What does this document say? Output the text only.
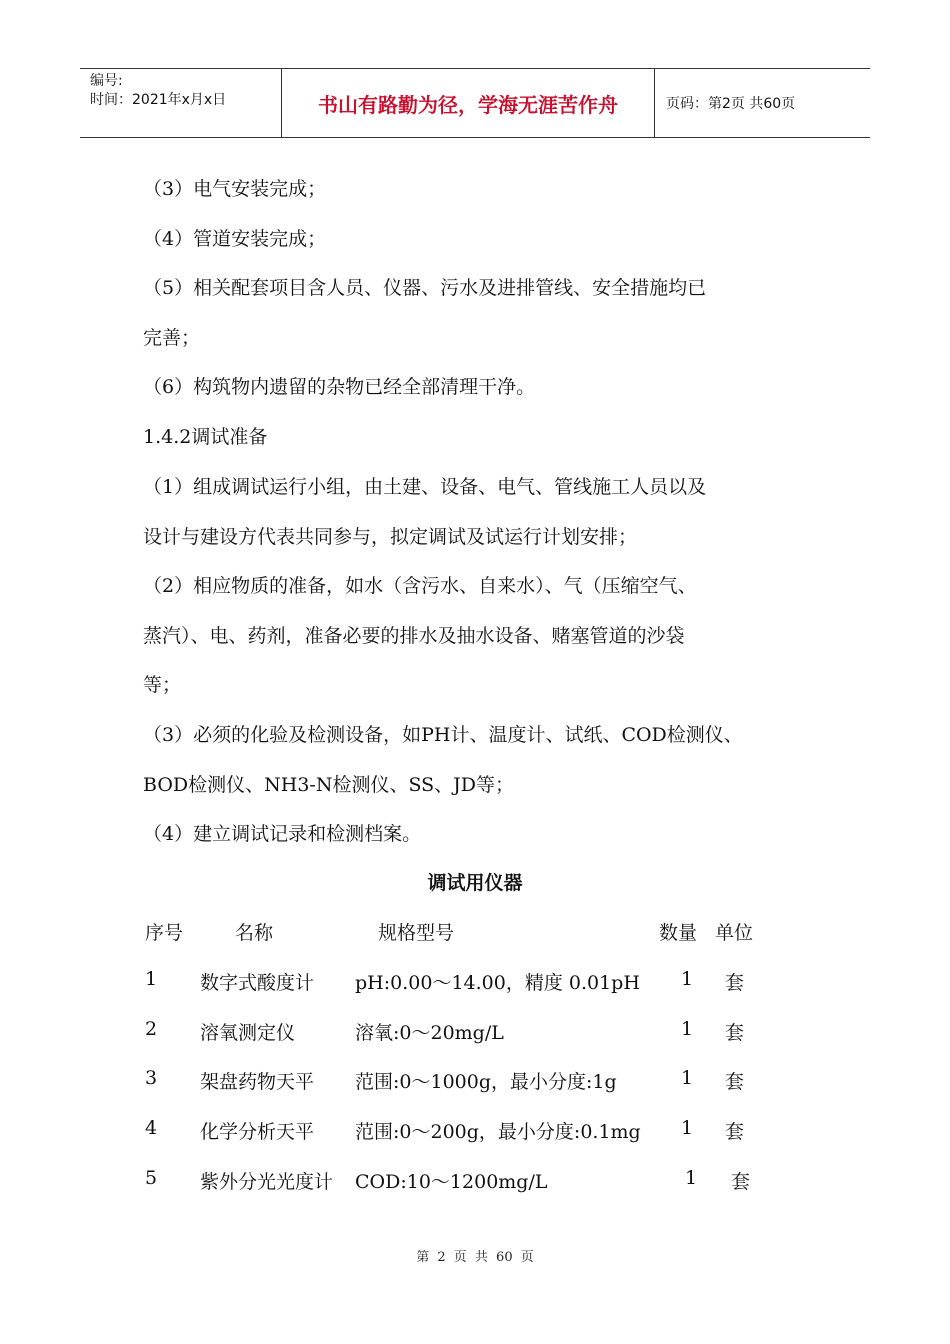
编号:
时间：2021年x月x日	书山有路勤为径，学海无涯苦作舟	页码：第2页 共60页
（3）电气安装完成；
（4）管道安装完成；
（5）相关配套项目含人员、仪器、污水及进排管线、安全措施均已
完善；
（6）构筑物内遗留的杂物已经全部清理干净。
1.4.2调试准备
（1）组成调试运行小组，由土建、设备、电气、管线施工人员以及
设计与建设方代表共同参与，拟定调试及试运行计划安排；
（2）相应物质的准备，如水（含污水、自来水）、气（压缩空气、
蒸汽）、电、药剂，准备必要的排水及抽水设备、赌塞管道的沙袋
等；
（3）必须的化验及检测设备，如PH计、温度计、试纸、COD检测仪、
BOD检测仪、NH3-N检测仪、SS、JD等；
（4）建立调试记录和检测档案。
调试用仪器
序号	名称	规格型号	数量 单位
1 数字式酸度计 pH:0.00～14.00，精度 0.01pH 1 套
2 溶氧测定仪	溶氧:0～20mg/L	1 套
3 架盘药物天平 范围:0～1000g，最小分度:1g	1 套
4 化学分析天平 范围:0～200g，最小分度:0.1mg 1 套
5 紫外分光光度计 COD:10～1200mg/L	1 套
第 2 页 共 60 页
